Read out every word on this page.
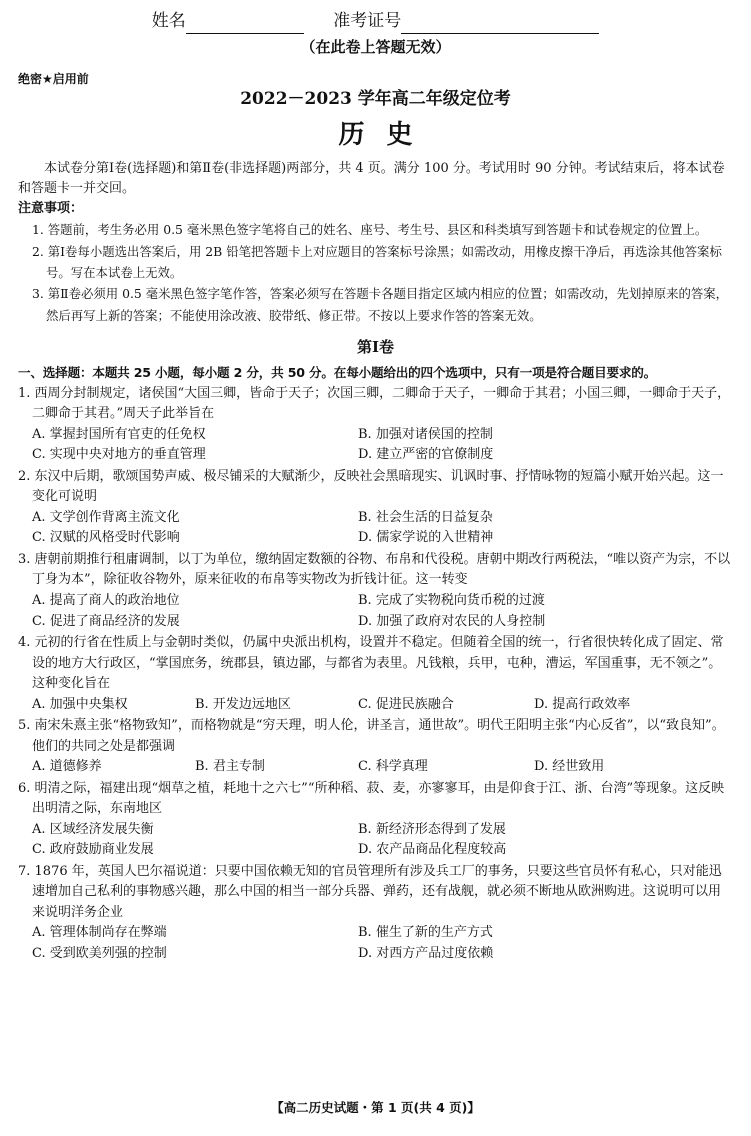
姓名	准考证号
（在此卷上答题无效）
绝密★启用前
2022－2023 学年高二年级定位考
历史

本试卷分第Ⅰ卷(选择题)和第Ⅱ卷(非选择题)两部分，共 4 页。满分 100 分。考试用时 90 分钟。考试结束后，将本试卷和答题卡一并交回。

注意事项：

1. 答题前，考生务必用 0.5 毫米黑色签字笔将自己的姓名、座号、考生号、县区和科类填写到答题卡和试卷规定的位置上。

2. 第Ⅰ卷每小题选出答案后，用 2B 铅笔把答题卡上对应题目的答案标号涂黑；如需改动，用橡皮擦干净后，再选涂其他答案标号。写在本试卷上无效。

3. 第Ⅱ卷必须用 0.5 毫米黑色签字笔作答，答案必须写在答题卡各题目指定区域内相应的位置；如需改动，先划掉原来的答案，然后再写上新的答案；不能使用涂改液、胶带纸、修正带。不按以上要求作答的答案无效。

第Ⅰ卷
一、选择题：本题共 25 小题，每小题 2 分，共 50 分。在每小题给出的四个选项中，只有一项是符合题目要求的。

1. 西周分封制规定，诸侯国“大国三卿，皆命于天子；次国三卿，二卿命于天子，一卿命于其君；小国三卿，一卿命于天子，二卿命于其君。”周天子此举旨在

A. 掌握封国所有官吏的任免权	B. 加强对诸侯国的控制
C. 实现中央对地方的垂直管理	D. 建立严密的官僚制度

2. 东汉中后期，歌颂国势声威、极尽铺采的大赋渐少，反映社会黑暗现实、讥讽时事、抒情咏物的短篇小赋开始兴起。这一变化可说明

A. 文学创作背离主流文化	B. 社会生活的日益复杂
C. 汉赋的风格受时代影响	D. 儒家学说的入世精神

3. 唐朝前期推行租庸调制，以丁为单位，缴纳固定数额的谷物、布帛和代役税。唐朝中期改行两税法，“唯以资产为宗，不以丁身为本”，除征收谷物外，原来征收的布帛等实物改为折钱计征。这一转变

A. 提高了商人的政治地位	B. 完成了实物税向货币税的过渡
C. 促进了商品经济的发展	D. 加强了政府对农民的人身控制

4. 元初的行省在性质上与金朝时类似，仍属中央派出机构，设置并不稳定。但随着全国的统一，行省很快转化成了固定、常设的地方大行政区，“掌国庶务，统郡县，镇边鄙，与都省为表里。凡钱粮，兵甲，屯种，漕运，军国重事，无不领之”。这种变化旨在

A. 加强中央集权	B. 开发边远地区	C. 促进民族融合	D. 提高行政效率

5. 南宋朱熹主张“格物致知”，而格物就是“穷天理，明人伦，讲圣言，通世故”。明代王阳明主张“内心反省”，以“致良知”。他们的共同之处是都强调

A. 道德修养	B. 君主专制	C. 科学真理	D. 经世致用

6. 明清之际，福建出现“烟草之植，耗地十之六七”“所种稻、菽、麦，亦寥寥耳，由是仰食于江、浙、台湾”等现象。这反映出明清之际，东南地区

A. 区域经济发展失衡	B. 新经济形态得到了发展
C. 政府鼓励商业发展	D. 农产品商品化程度较高

7. 1876 年，英国人巴尔福说道：只要中国依赖无知的官员管理所有涉及兵工厂的事务，只要这些官员怀有私心，只对能迅速增加自己私利的事物感兴趣，那么中国的相当一部分兵器、弹药，还有战舰，就必须不断地从欧洲购进。这说明可以用来说明洋务企业

A. 管理体制尚存在弊端	B. 催生了新的生产方式
C. 受到欧美列强的控制	D. 对西方产品过度依赖
【高二历史试题・第 1 页(共 4 页)】
